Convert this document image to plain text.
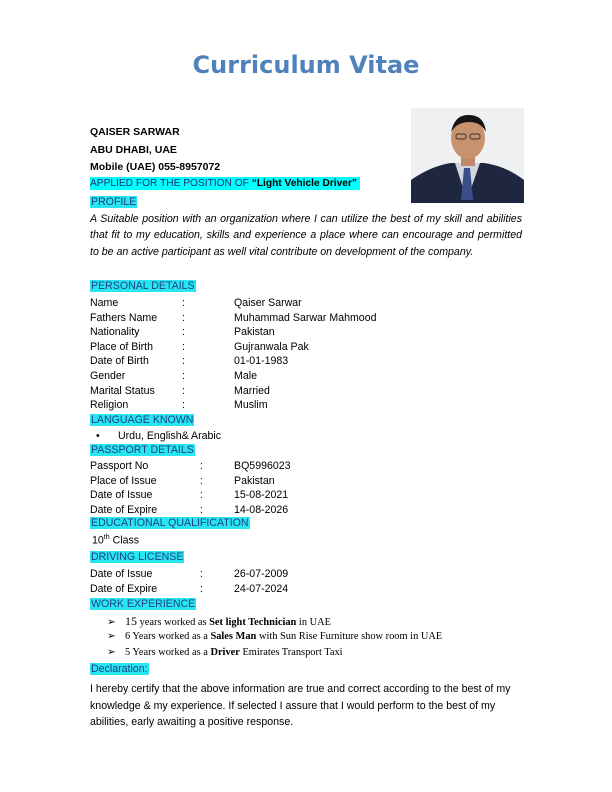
Curriculum Vitae
QAISER SARWAR
ABU DHABI, UAE
Mobile (UAE) 055-8957072
APPLIED FOR THE POSITION OF “Light Vehicle Driver”
PROFILE
A Suitable position with an organization where I can utilize the best of my skill and abilities that fit to my education, skills and experience a place where can encourage and permitted to be an active participant as well vital contribute on development of the company.
PERSONAL DETAILS
Name	:	Qaiser Sarwar
Fathers Name :	Muhammad Sarwar Mahmood
Nationality	:	Pakistan
Place of Birth	:	Gujranwala Pak
Date of Birth	:	01-01-1983
Gender	:	Male
Marital Status	:	Married
Religion	:	Muslim
LANGUAGE KNOWN
• Urdu, English& Arabic
PASSPORT DETAILS
Passport No	:	BQ5996023
Place of Issue	:	Pakistan
Date of Issue	:	15-08-2021
Date of Expire	:	14-08-2026
EDUCATIONAL QUALIFICATION
10th Class
DRIVING LICENSE
Date of Issue	:	26-07-2009
Date of Expire	:	24-07-2024
WORK EXPERIENCE
➢ 15 years worked as Set light Technician in UAE
➢ 6 Years worked as a Sales Man with Sun Rise Furniture show room in UAE
➢ 5 Years worked as a Driver Emirates Transport Taxi
Declaration:
I hereby certify that the above information are true and correct according to the best of my knowledge & my experience. If selected I assure that I would perform to the best of my abilities, early awaiting a positive response.
